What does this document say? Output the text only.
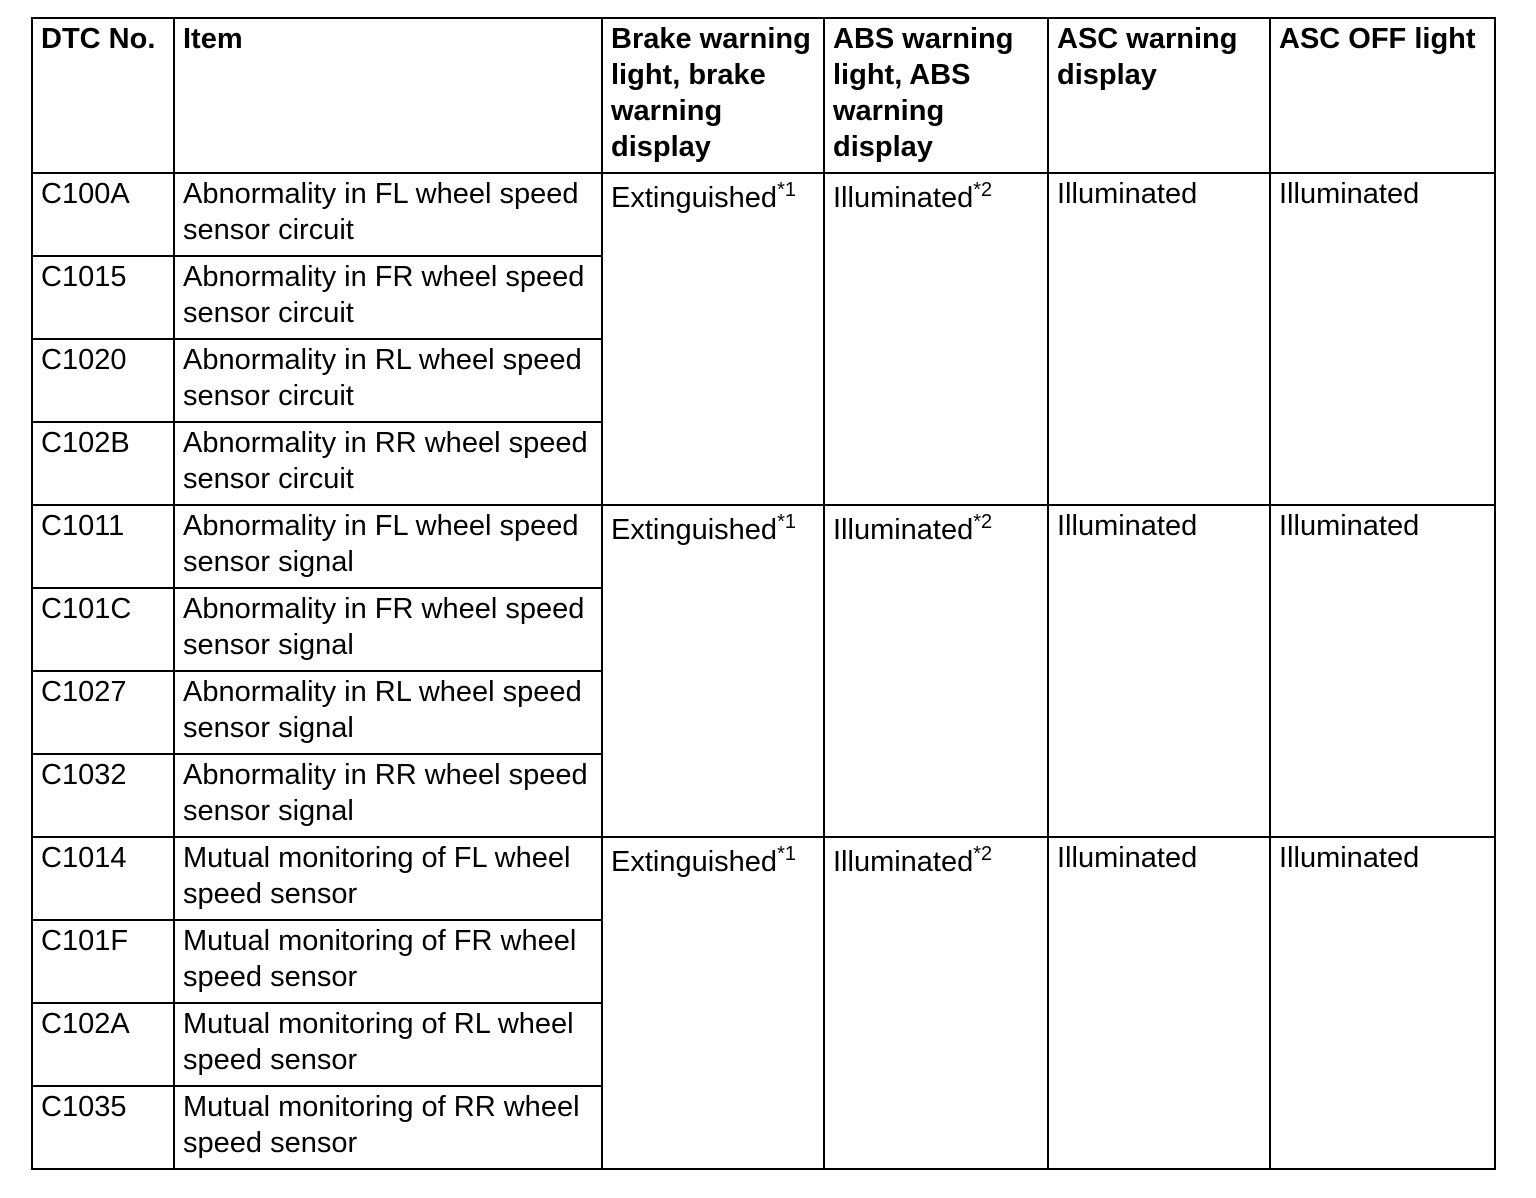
DTC No.	Item	Brake warning light, brake warning display	ABS warning light, ABS warning display	ASC warning display	ASC OFF light
C100A	Abnormality in FL wheel speed sensor circuit	Extinguished$^{*1}$	Illuminated$^{*2}$	Illuminated	Illuminated
C1015	Abnormality in FR wheel speed sensor circuit				
C1020	Abnormality in RL wheel speed sensor circuit				
C102B	Abnormality in RR wheel speed sensor circuit				
C1011	Abnormality in FL wheel speed sensor signal	Extinguished$^{*1}$	Illuminated$^{*2}$	Illuminated	Illuminated
C101C	Abnormality in FR wheel speed sensor signal				
C1027	Abnormality in RL wheel speed sensor signal				
C1032	Abnormality in RR wheel speed sensor signal				
C1014	Mutual monitoring of FL wheel speed sensor	Extinguished$^{*1}$	Illuminated$^{*2}$	Illuminated	Illuminated
C101F	Mutual monitoring of FR wheel speed sensor				
C102A	Mutual monitoring of RL wheel speed sensor				
C1035	Mutual monitoring of RR wheel speed sensor				
